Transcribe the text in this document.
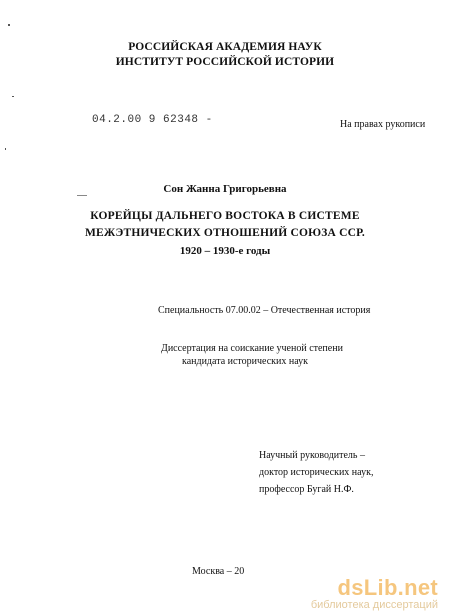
РОССИЙСКАЯ АКАДЕМИЯ НАУК
ИНСТИТУТ РОССИЙСКОЙ ИСТОРИИ
04.2.00 9 62348 -	На правах рукописи
Сон Жанна Григорьевна
КОРЕЙЦЫ ДАЛЬНЕГО ВОСТОКА В СИСТЕМЕ
МЕЖЭТНИЧЕСКИХ ОТНОШЕНИЙ СОЮЗА ССР.
1920 – 1930-е годы
Специальность 07.00.02 – Отечественная история
Диссертация на соискание ученой степени
кандидата исторических наук
Научный руководитель –
доктор исторических наук,
профессор Бугай Н.Ф.
Москва – 20
dsLib.net
библиотека диссертаций
